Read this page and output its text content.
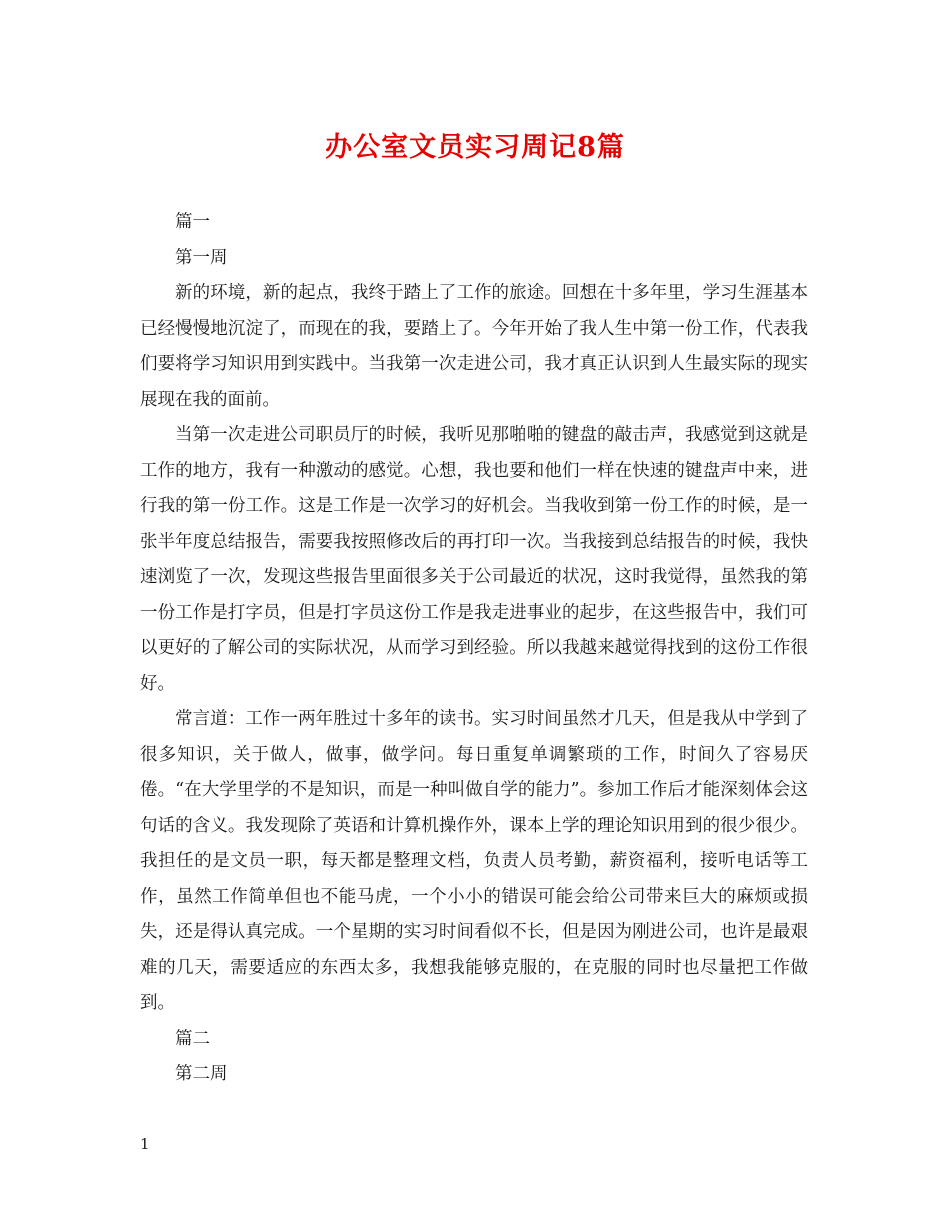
办公室文员实习周记8篇

篇一

第一周

新的环境，新的起点，我终于踏上了工作的旅途。回想在十多年里，学习生涯基本已经慢慢地沉淀了，而现在的我，要踏上了。今年开始了我人生中第一份工作，代表我们要将学习知识用到实践中。当我第一次走进公司，我才真正认识到人生最实际的现实展现在我的面前。

当第一次走进公司职员厅的时候，我听见那啪啪的键盘的敲击声，我感觉到这就是工作的地方，我有一种激动的感觉。心想，我也要和他们一样在快速的键盘声中来，进行我的第一份工作。这是工作是一次学习的好机会。当我收到第一份工作的时候，是一张半年度总结报告，需要我按照修改后的再打印一次。当我接到总结报告的时候，我快速浏览了一次，发现这些报告里面很多关于公司最近的状况，这时我觉得，虽然我的第一份工作是打字员，但是打字员这份工作是我走进事业的起步，在这些报告中，我们可以更好的了解公司的实际状况，从而学习到经验。所以我越来越觉得找到的这份工作很好。

常言道：工作一两年胜过十多年的读书。实习时间虽然才几天，但是我从中学到了很多知识，关于做人，做事，做学问。每日重复单调繁琐的工作，时间久了容易厌倦。“在大学里学的不是知识，而是一种叫做自学的能力”。参加工作后才能深刻体会这句话的含义。我发现除了英语和计算机操作外，课本上学的理论知识用到的很少很少。我担任的是文员一职，每天都是整理文档，负责人员考勤，薪资福利，接听电话等工作，虽然工作简单但也不能马虎，一个小小的错误可能会给公司带来巨大的麻烦或损失，还是得认真完成。一个星期的实习时间看似不长，但是因为刚进公司，也许是最艰难的几天，需要适应的东西太多，我想我能够克服的，在克服的同时也尽量把工作做到。

篇二

第二周

1
